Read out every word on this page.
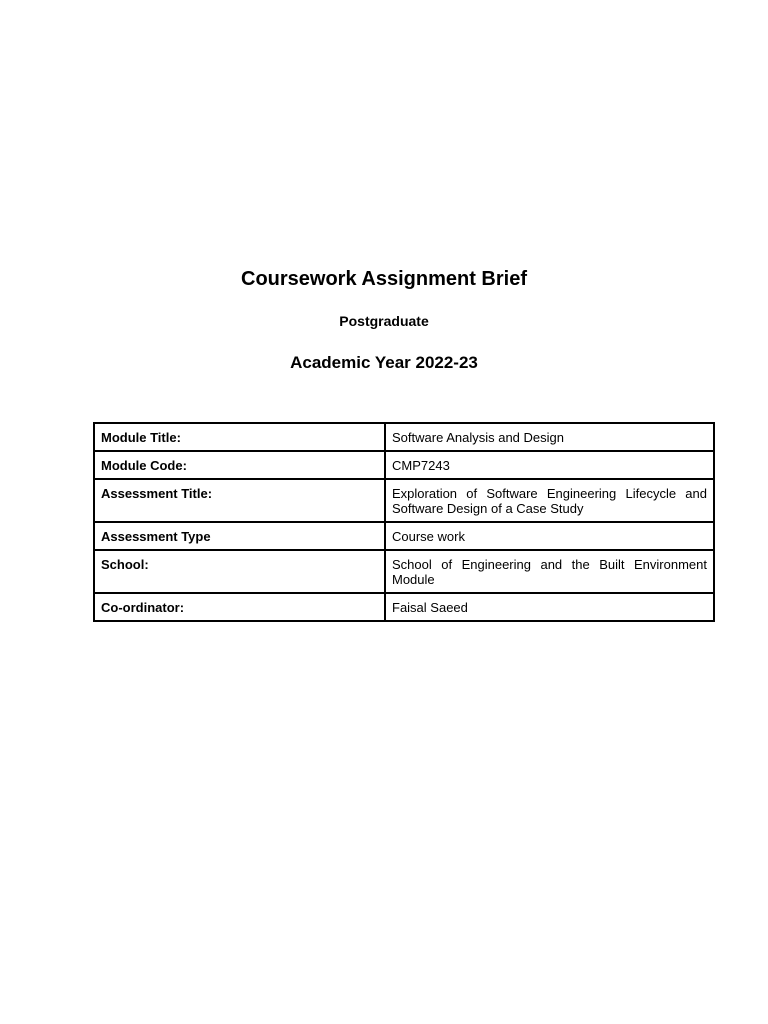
Coursework Assignment Brief
Postgraduate
Academic Year 2022-23
Module Title:	Software Analysis and Design
Module Code:	CMP7243
Assessment Title:	Exploration of Software Engineering Lifecycle and Software Design of a Case Study
Assessment Type	Course work
School:	School of Engineering and the Built Environment Module
Co-ordinator:	Faisal Saeed
